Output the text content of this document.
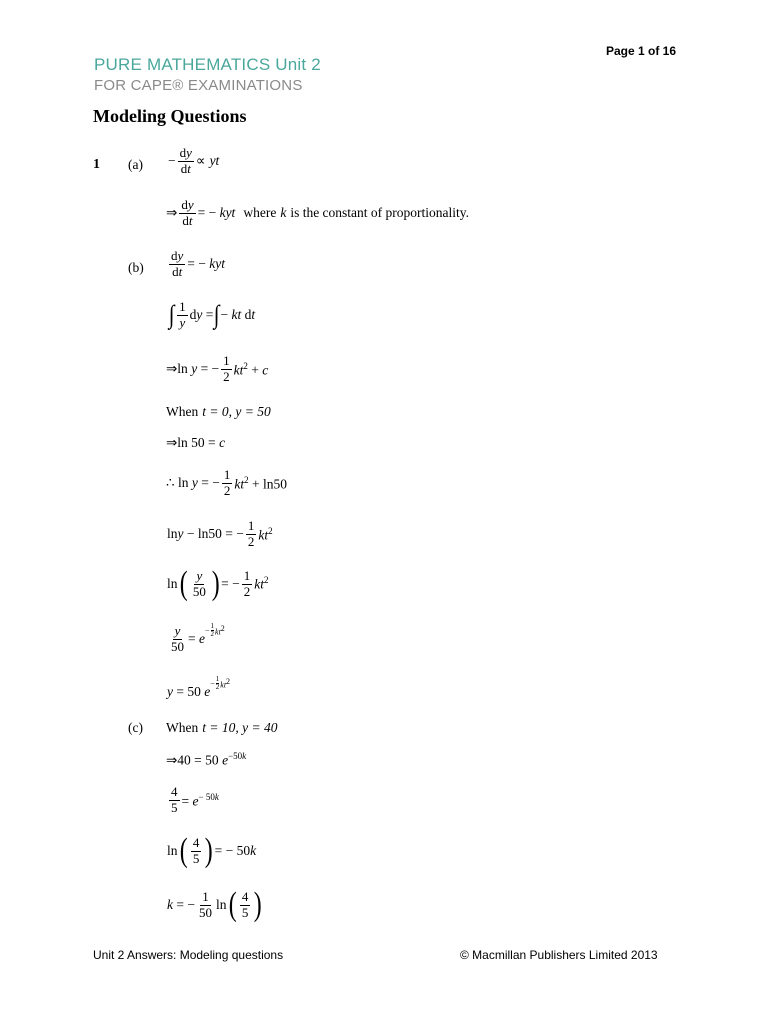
Page 1 of 16
PURE MATHEMATICS Unit 2
FOR CAPE® EXAMINATIONS
Modeling Questions
1 $(a) - \frac{dy}{dt}$ ∝ yt
⇒ $\frac{dy}{dt}$ = − kyt where k is the constant of proportionality.
$(b) \frac{dy}{dt}$ = − kyt
∫ $\frac{1}{y}$ dy = ∫ − kt dt
⇒ln y = − $\frac{1}{2} kt^2 + c$
When t = 0, y = 50
⇒ln 50 = c
∴ ln y = − $\frac{1}{2} kt^2 + \ln 50$
lny − ln50 = − $\frac{1}{2} kt^2$
ln ( $\frac{y}{50}$ ) = − $\frac{1}{2} kt^2$
$\frac{y}{50} = e$
− $\frac{1}{2} kt^2$
y = 50 e
− $\frac{1}{2} kt^2$
(c) When t = 10, y = 40
⇒40 = 50 $e^{-50k}$
$\frac{4}{5} = e^{- 50k}$
ln ( $\frac{4}{5}$ ) = − 50k
k = − $\frac{1}{50}$ ln ( $\frac{4}{5}$ )
Unit 2 Answers: Modeling questions	© Macmillan Publishers Limited 2013
